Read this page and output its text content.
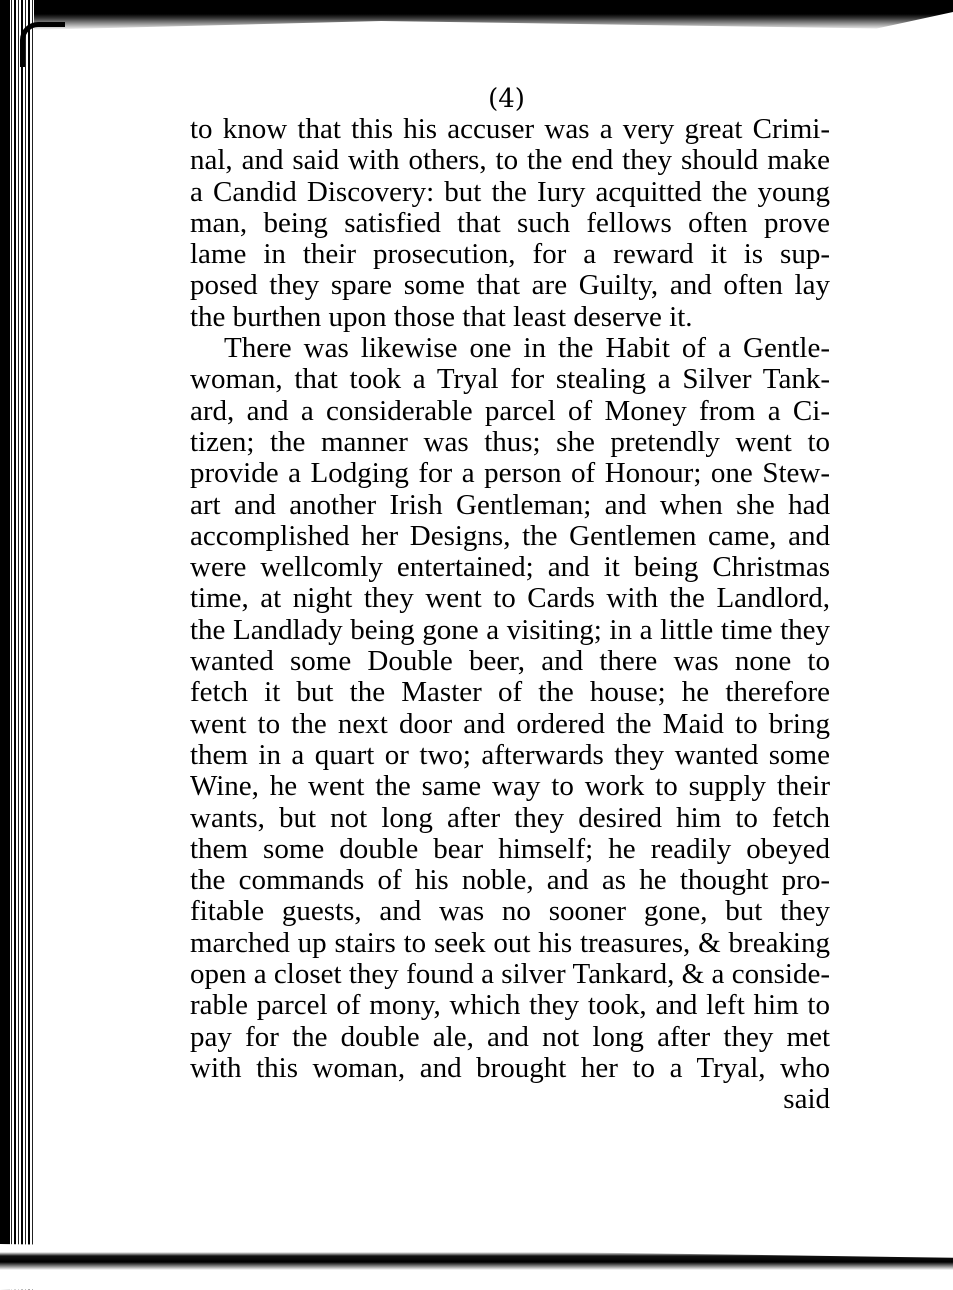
(4)
to know that this his accuser was a very great Crimi-
nal, and said with others, to the end they should make
a Candid Discovery: but the Iury acquitted the young
man, being satisfied that such fellows often prove
lame in their prosecution, for a reward it is sup-
posed they spare some that are Guilty, and often lay
the burthen upon those that least deserve it.
There was likewise one in the Habit of a Gentle-
woman, that took a Tryal for stealing a Silver Tank-
ard, and a considerable parcel of Money from a Ci-
tizen; the manner was thus; she pretendly went to
provide a Lodging for a person of Honour; one Stew-
art and another Irish Gentleman; and when she had
accomplished her Designs, the Gentlemen came, and
were wellcomly entertained; and it being Christmas
time, at night they went to Cards with the Landlord,
the Landlady being gone a visiting; in a little time they
wanted some Double beer, and there was none to
fetch it but the Master of the house; he therefore
went to the next door and ordered the Maid to bring
them in a quart or two; afterwards they wanted some
Wine, he went the same way to work to supply their
wants, but not long after they desired him to fetch
them some double bear himself; he readily obeyed
the commands of his noble, and as he thought pro-
fitable guests, and was no sooner gone, but they
marched up stairs to seek out his treasures, & breaking
open a closet they found a silver Tankard, & a conside-
rable parcel of mony, which they took, and left him to
pay for the double ale, and not long after they met
with this woman, and brought her to a Tryal, who
said
